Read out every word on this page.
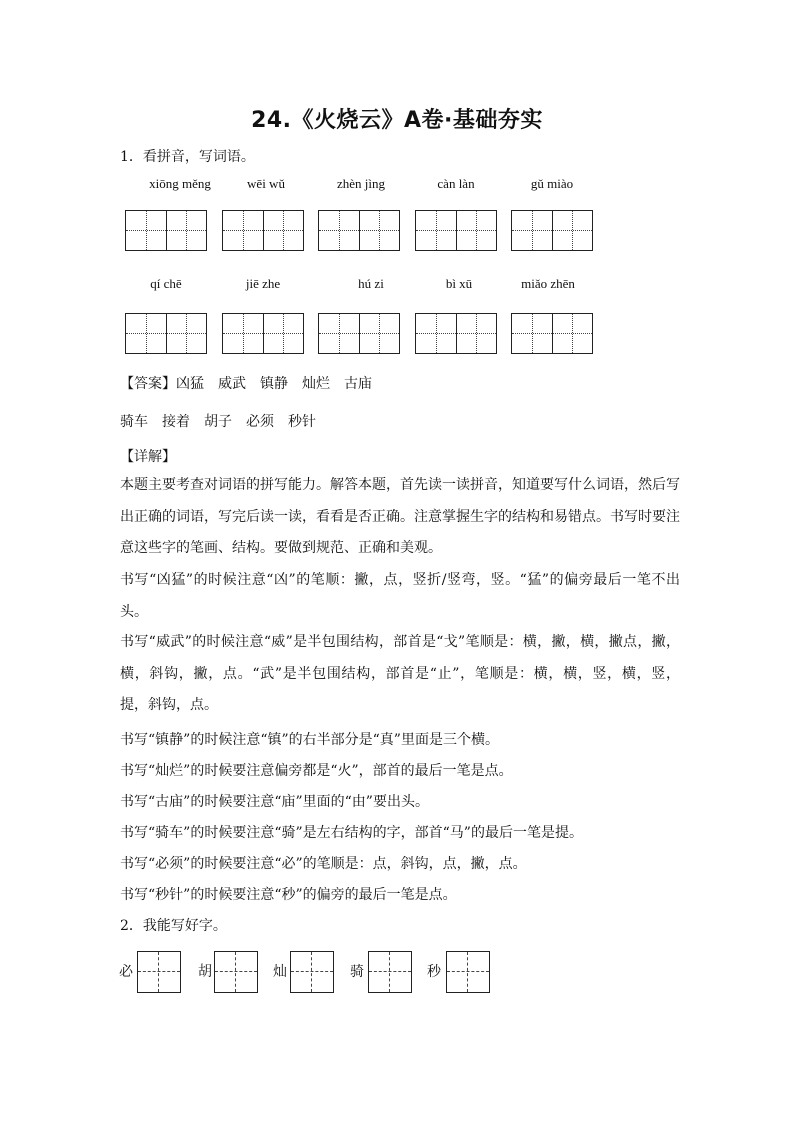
24.《火烧云》A卷·基础夯实
1．看拼音，写词语。
xiōng měng	wēi wǔ	zhèn jìng	càn làn	gǔ miào
qí chē	jiē zhe	hú zi	bì xū	miǎo zhēn
【答案】凶猛 威武 镇静 灿烂 古庙
骑车 接着 胡子 必须 秒针
【详解】
本题主要考查对词语的拼写能力。解答本题，首先读一读拼音，知道要写什么词语，然后写出正确的词语，写完后读一读，看看是否正确。注意掌握生字的结构和易错点。书写时要注意这些字的笔画、结构。要做到规范、正确和美观。
书写“凶猛”的时候注意“凶”的笔顺：撇，点，竖折/竖弯，竖。“猛”的偏旁最后一笔不出头。
书写“威武”的时候注意“威”是半包围结构，部首是“戈”笔顺是：横，撇，横，撇点，撇，横，斜钩，撇，点。“武”是半包围结构，部首是“止”，笔顺是：横，横，竖，横，竖，提，斜钩，点。
书写“镇静”的时候注意“镇”的右半部分是“真”里面是三个横。
书写“灿烂”的时候要注意偏旁都是“火”，部首的最后一笔是点。
书写“古庙”的时候要注意“庙”里面的“由”要出头。
书写“骑车”的时候要注意“骑”是左右结构的字，部首“马”的最后一笔是提。
书写“必须”的时候要注意“必”的笔顺是：点，斜钩，点，撇，点。
书写“秒针”的时候要注意“秒”的偏旁的最后一笔是点。
2．我能写好字。
必	胡	灿	骑	秒
